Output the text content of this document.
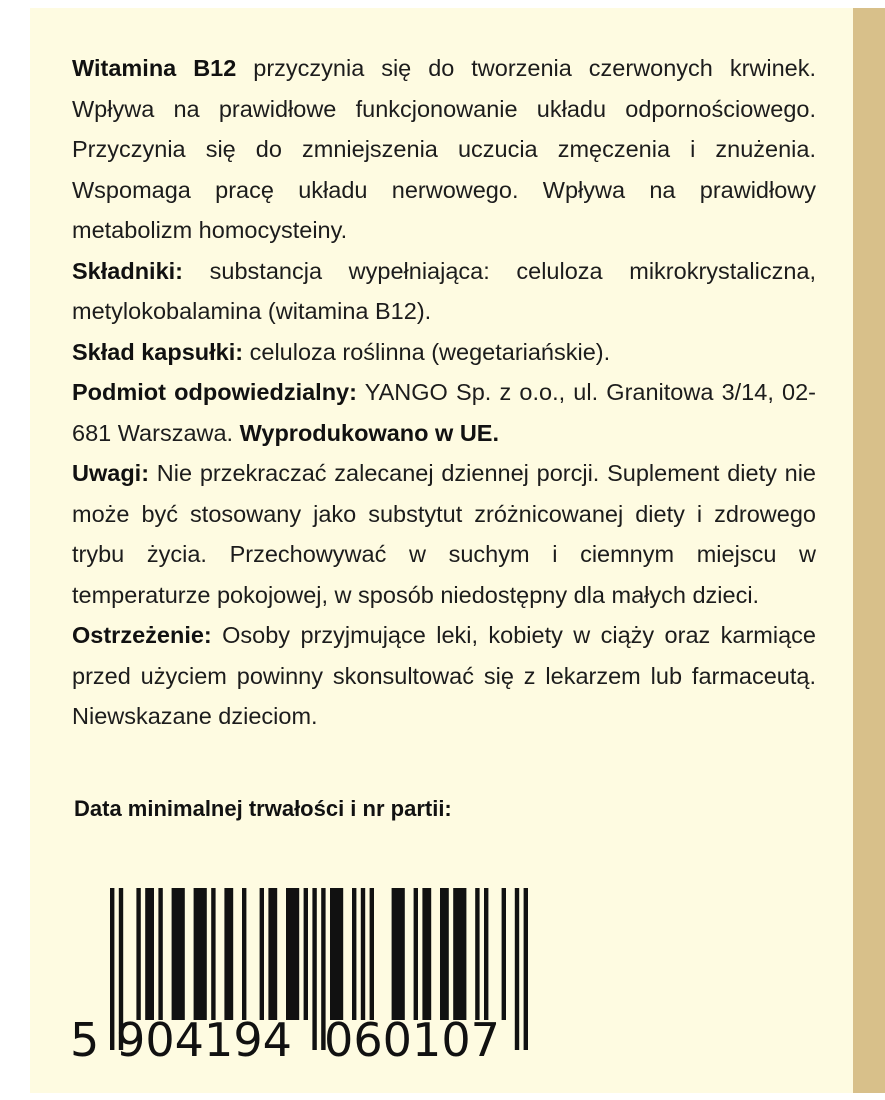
Witamina B12 przyczynia się do tworzenia czerwonych krwinek. Wpływa na prawidłowe funkcjonowanie układu odpornościowego. Przyczynia się do zmniejszenia uczucia zmęczenia i znużenia. Wspomaga pracę układu nerwowego. Wpływa na prawidłowy metabolizm homocysteiny.

Składniki: substancja wypełniająca: celuloza mikrokrystaliczna, metylokobalamina (witamina B12).

Skład kapsułki: celuloza roślinna (wegetariańskie).

Podmiot odpowiedzialny: YANGO Sp. z o.o., ul. Granitowa 3/14, 02-681 Warszawa. Wyprodukowano w UE.

Uwagi: Nie przekraczać zalecanej dziennej porcji. Suplement diety nie może być stosowany jako substytut zróżnicowanej diety i zdrowego trybu życia. Przechowywać w suchym i ciemnym miejscu w temperaturze pokojowej, w sposób niedostępny dla małych dzieci.

Ostrzeżenie: Osoby przyjmujące leki, kobiety w ciąży oraz karmiące przed użyciem powinny skonsultować się z lekarzem lub farmaceutą. Niewskazane dzieciom.

Data minimalnej trwałości i nr partii:
5 904194 060107
